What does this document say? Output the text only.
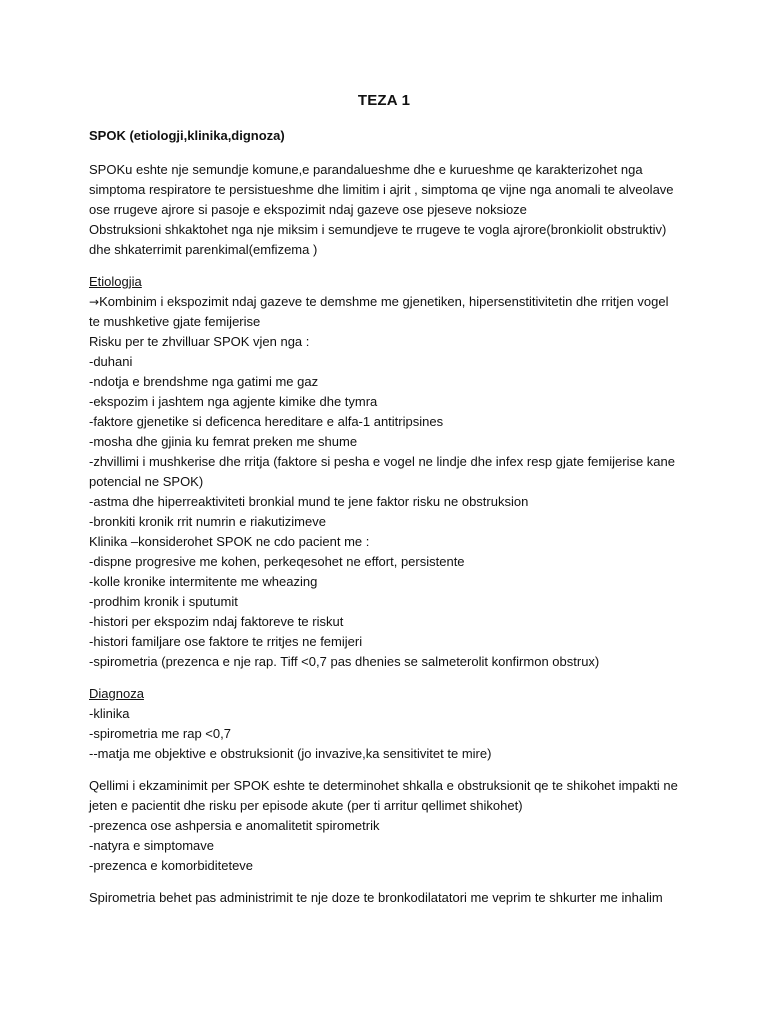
TEZA 1
SPOK (etiologji,klinika,dignoza)
SPOKu eshte nje semundje komune,e parandalueshme dhe e kurueshme qe karakterizohet nga
simptoma respiratore te persistueshme dhe limitim i ajrit , simptoma qe vijne nga anomali te alveolave
ose rrugeve ajrore si pasoje e ekspozimit ndaj gazeve ose pjeseve noksioze
Obstruksioni shkaktohet nga nje miksim i semundjeve te rrugeve te vogla ajrore(bronkiolit obstruktiv)
dhe shkaterrimit parenkimal(emfizema )
Etiologjia
→Kombinim i ekspozimit ndaj gazeve te demshme me gjenetiken, hipersenstitivitetin dhe rritjen vogel
te mushketive gjate femijerise
Risku per te zhvilluar SPOK vjen nga :
-duhani
-ndotja e brendshme nga gatimi me gaz
-ekspozim i jashtem nga agjente kimike dhe tymra
-faktore gjenetike si deficenca hereditare e alfa-1 antitripsines
-mosha dhe gjinia ku femrat preken me shume
-zhvillimi i mushkerise dhe rritja (faktore si pesha e vogel ne lindje dhe infex resp gjate femijerise kane
potencial ne SPOK)
-astma dhe hiperreaktiviteti bronkial mund te jene faktor risku ne obstruksion
-bronkiti kronik rrit numrin e riakutizimeve
Klinika –konsiderohet SPOK ne cdo pacient me :
-dispne progresive me kohen, perkeqesohet ne effort, persistente
-kolle kronike intermitente me wheazing
-prodhim kronik i sputumit
-histori per ekspozim ndaj faktoreve te riskut
-histori familjare ose faktore te rritjes ne femijeri
-spirometria (prezenca e nje rap. Tiff <0,7 pas dhenies se salmeterolit konfirmon obstrux)
Diagnoza
-klinika
-spirometria me rap <0,7
--matja me objektive e obstruksionit (jo invazive,ka sensitivitet te mire)
Qellimi i ekzaminimit per SPOK eshte te determinohet shkalla e obstruksionit qe te shikohet impakti ne
jeten e pacientit dhe risku per episode akute (per ti arritur qellimet shikohet)
-prezenca ose ashpersia e anomalitetit spirometrik
-natyra e simptomave
-prezenca e komorbiditeteve
Spirometria behet pas administrimit te nje doze te bronkodilatatori me veprim te shkurter me inhalim
